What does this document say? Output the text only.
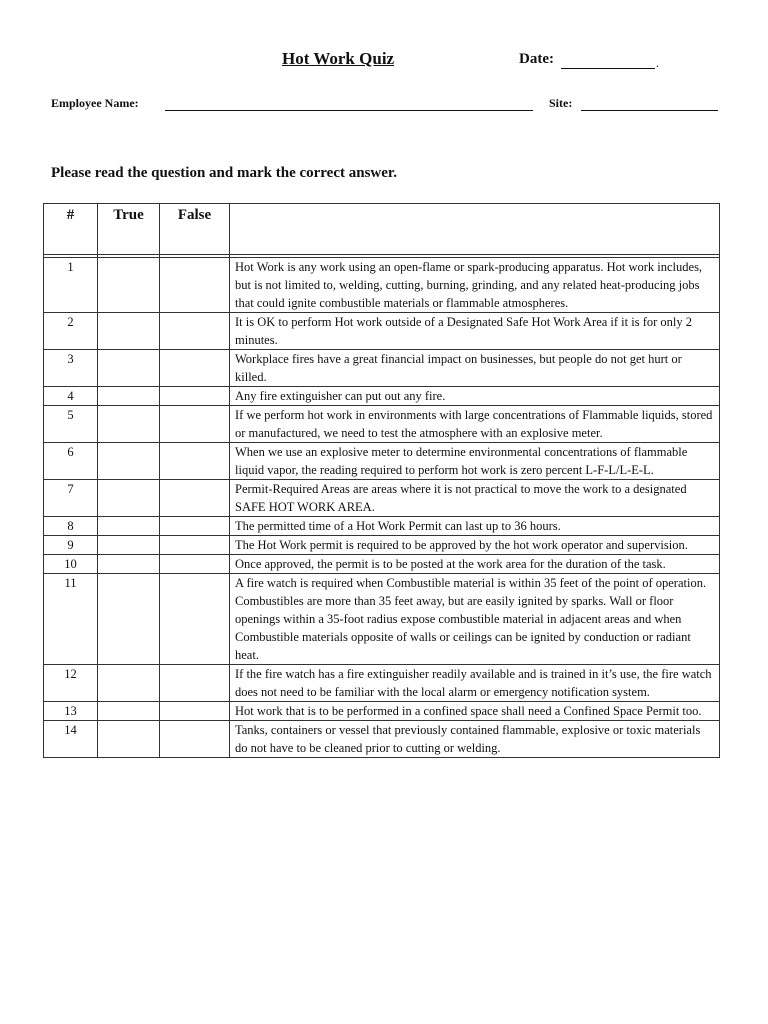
Hot Work Quiz	Date:	.
Employee Name:	Site:
Please read the question and mark the correct answer.
#	True	False	

1			Hot Work is any work using an open-flame or spark-producing apparatus. Hot work includes, but is not limited to, welding, cutting, burning, grinding, and any related heat-producing jobs that could ignite combustible materials or flammable atmospheres.
2			It is OK to perform Hot work outside of a Designated Safe Hot Work Area if it is for only 2 minutes.
3			Workplace fires have a great financial impact on businesses, but people do not get hurt or killed.
4			Any fire extinguisher can put out any fire.
5			If we perform hot work in environments with large concentrations of Flammable liquids, stored or manufactured, we need to test the atmosphere with an explosive meter.
6			When we use an explosive meter to determine environmental concentrations of flammable liquid vapor, the reading required to perform hot work is zero percent L-F-L/L-E-L.
7			Permit-Required Areas are areas where it is not practical to move the work to a designated SAFE HOT WORK AREA.
8			The permitted time of a Hot Work Permit can last up to 36 hours.
9			The Hot Work permit is required to be approved by the hot work operator and supervision.
10			Once approved, the permit is to be posted at the work area for the duration of the task.
11			A fire watch is required when Combustible material is within 35 feet of the point of operation. Combustibles are more than 35 feet away, but are easily ignited by sparks. Wall or floor openings within a 35-foot radius expose combustible material in adjacent areas and when Combustible materials opposite of walls or ceilings can be ignited by conduction or radiant heat.
12			If the fire watch has a fire extinguisher readily available and is trained in it’s use, the fire watch does not need to be familiar with the local alarm or emergency notification system.
13			Hot work that is to be performed in a confined space shall need a Confined Space Permit too.
14			Tanks, containers or vessel that previously contained flammable, explosive or toxic materials do not have to be cleaned prior to cutting or welding.
